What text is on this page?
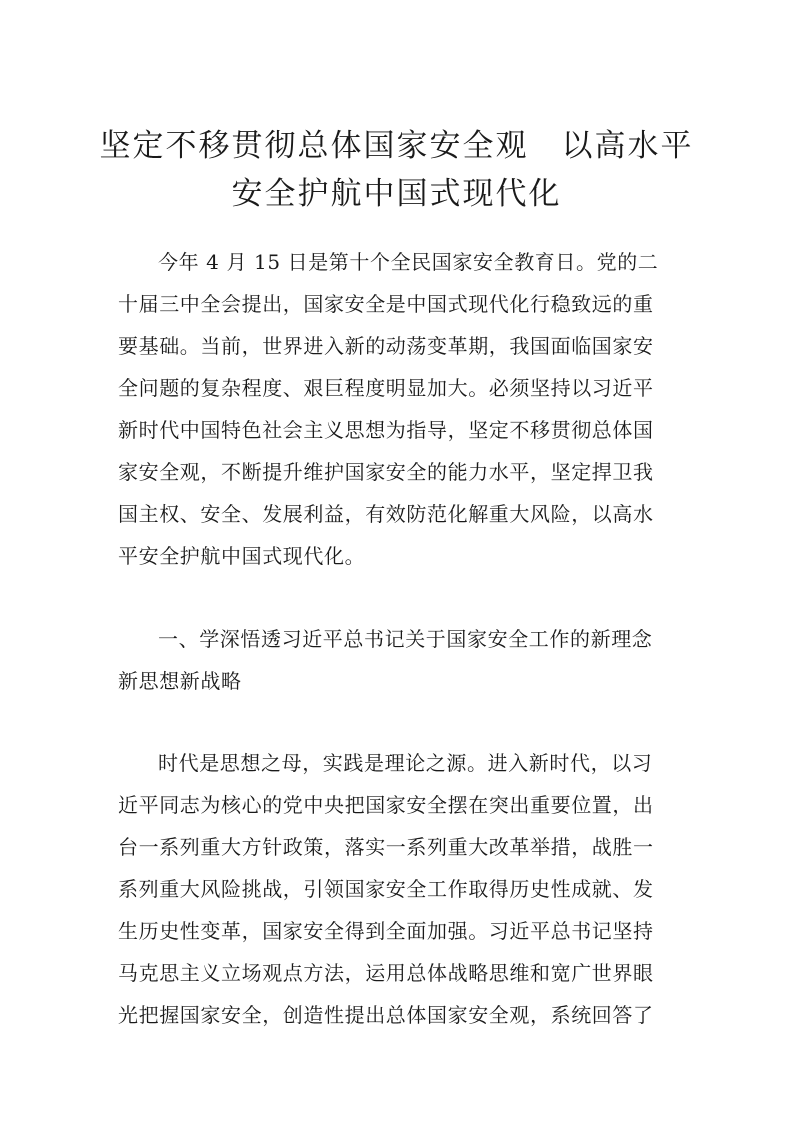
坚定不移贯彻总体国家安全观　以高水平
安全护航中国式现代化
今年 4 月 15 日是第十个全民国家安全教育日。党的二
十届三中全会提出，国家安全是中国式现代化行稳致远的重
要基础。当前，世界进入新的动荡变革期，我国面临国家安
全问题的复杂程度、艰巨程度明显加大。必须坚持以习近平
新时代中国特色社会主义思想为指导，坚定不移贯彻总体国
家安全观，不断提升维护国家安全的能力水平，坚定捍卫我
国主权、安全、发展利益，有效防范化解重大风险，以高水
平安全护航中国式现代化。
一、学深悟透习近平总书记关于国家安全工作的新理念
新思想新战略
时代是思想之母，实践是理论之源。进入新时代，以习
近平同志为核心的党中央把国家安全摆在突出重要位置，出
台一系列重大方针政策，落实一系列重大改革举措，战胜一
系列重大风险挑战，引领国家安全工作取得历史性成就、发
生历史性变革，国家安全得到全面加强。习近平总书记坚持
马克思主义立场观点方法，运用总体战略思维和宽广世界眼
光把握国家安全，创造性提出总体国家安全观，系统回答了
